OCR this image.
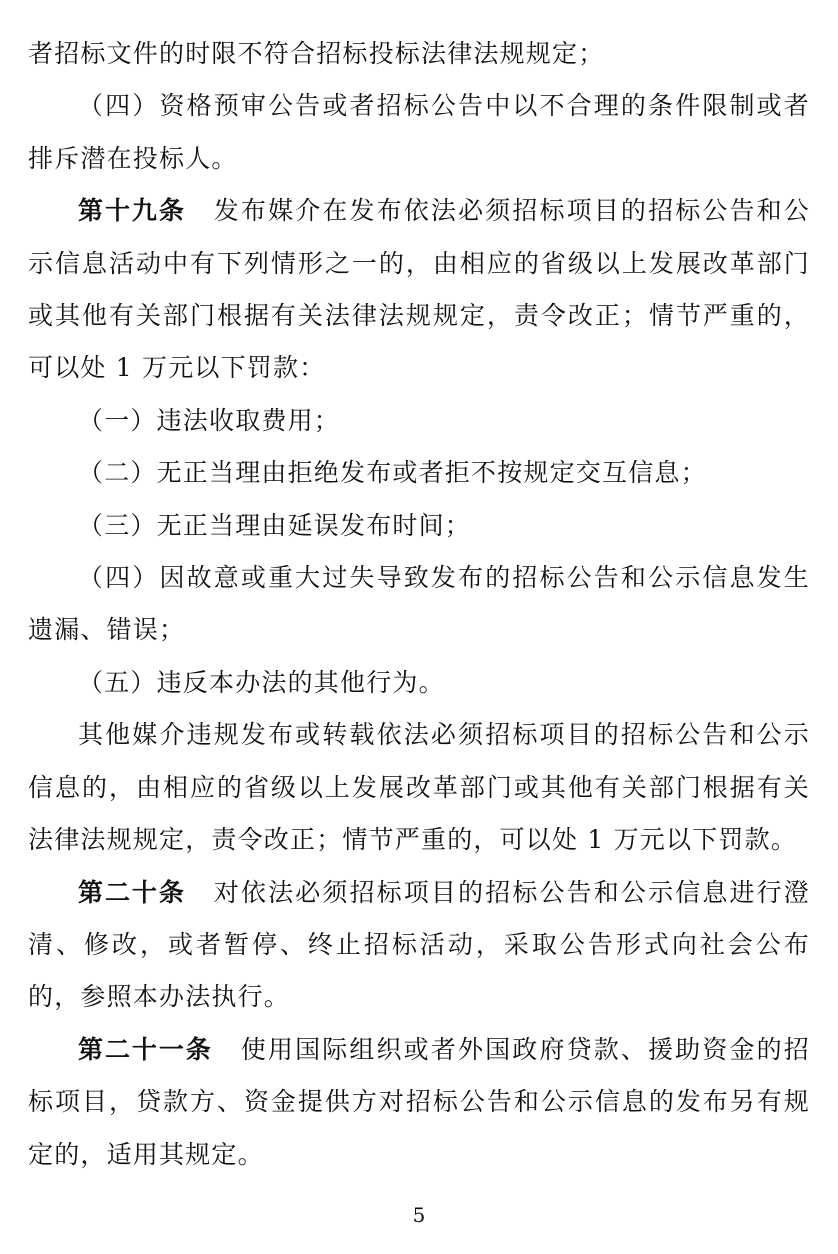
者招标文件的时限不符合招标投标法律法规规定；

（四）资格预审公告或者招标公告中以不合理的条件限制或者排斥潜在投标人。

第十九条 发布媒介在发布依法必须招标项目的招标公告和公示信息活动中有下列情形之一的，由相应的省级以上发展改革部门或其他有关部门根据有关法律法规规定，责令改正；情节严重的，可以处 1 万元以下罚款：

（一）违法收取费用；

（二）无正当理由拒绝发布或者拒不按规定交互信息；

（三）无正当理由延误发布时间；

（四）因故意或重大过失导致发布的招标公告和公示信息发生遗漏、错误；

（五）违反本办法的其他行为。

其他媒介违规发布或转载依法必须招标项目的招标公告和公示信息的，由相应的省级以上发展改革部门或其他有关部门根据有关法律法规规定，责令改正；情节严重的，可以处 1 万元以下罚款。

第二十条 对依法必须招标项目的招标公告和公示信息进行澄清、修改，或者暂停、终止招标活动，采取公告形式向社会公布的，参照本办法执行。

第二十一条 使用国际组织或者外国政府贷款、援助资金的招标项目，贷款方、资金提供方对招标公告和公示信息的发布另有规定的，适用其规定。

5
